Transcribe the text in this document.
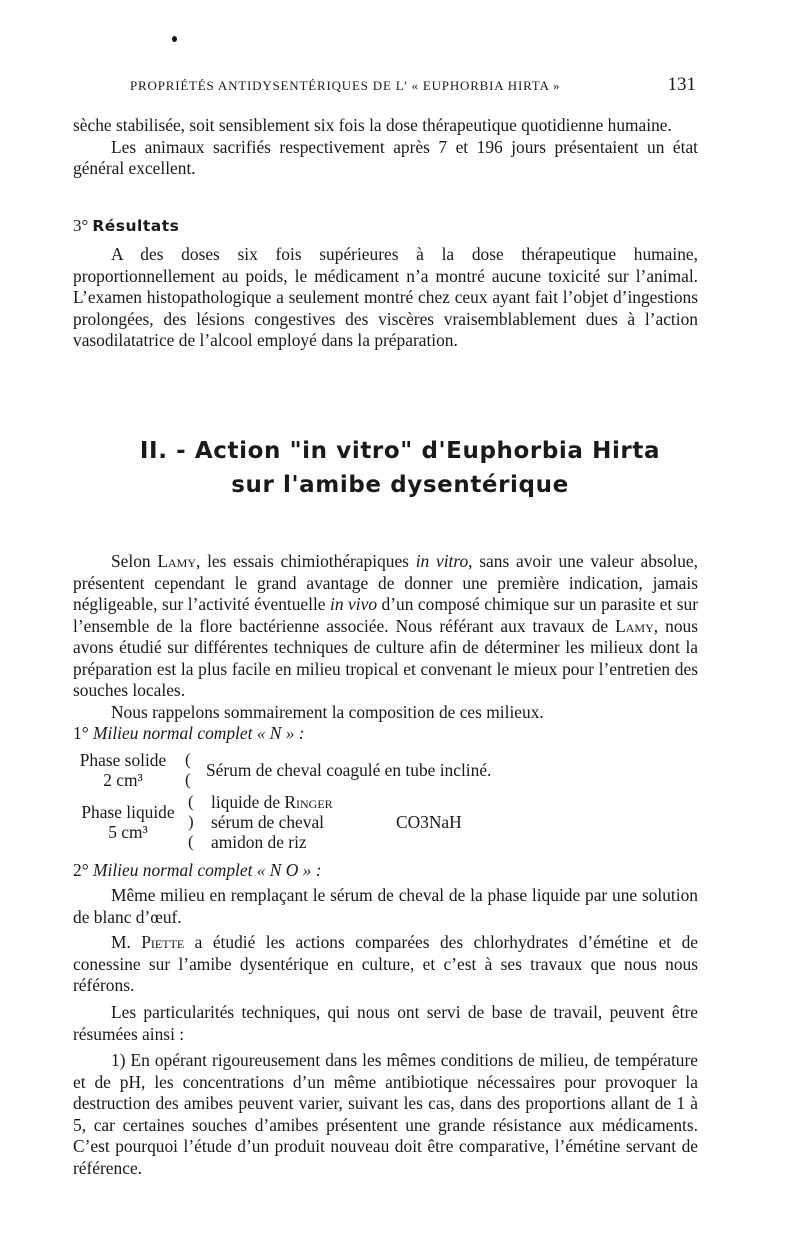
PROPRIÉTÉS ANTIDYSENTÉRIQUES DE L’ « EUPHORBIA HIRTA »	131

sèche stabilisée, soit sensiblement six fois la dose thérapeutique quotidienne humaine.

Les animaux sacrifiés respectivement après 7 et 196 jours présentaient un état général excellent.

3° Résultats

A des doses six fois supérieures à la dose thérapeutique humaine, proportionnellement au poids, le médicament n’a montré aucune toxicité sur l’animal. L’examen histopathologique a seulement montré chez ceux ayant fait l’objet d’ingestions prolongées, des lésions congestives des viscères vraisemblablement dues à l’action vasodilatatrice de l’alcool employé dans la préparation.

II. - Action "in vitro" d'Euphorbia Hirta
sur l'amibe dysentérique

Selon Lamy, les essais chimiothérapiques in vitro, sans avoir une valeur absolue, présentent cependant le grand avantage de donner une première indication, jamais négligeable, sur l’activité éventuelle in vivo d’un composé chimique sur un parasite et sur l’ensemble de la flore bactérienne associée. Nous référant aux travaux de Lamy, nous avons étudié sur différentes techniques de culture afin de déterminer les milieux dont la préparation est la plus facile en milieu tropical et convenant le mieux pour l’entretien des souches locales.

Nous rappelons sommairement la composition de ces milieux.

1° Milieu normal complet « N » :
Phase solide
2 cm³
(
( Sérum de cheval coagulé en tube incliné.
Phase liquide
5 cm³
(
)
(
liquide de Ringer
sérum de cheval
amidon de riz
CO3NaH
2° Milieu normal complet « N O » :

Même milieu en remplaçant le sérum de cheval de la phase liquide par une solution de blanc d’œuf.

M. Piette a étudié les actions comparées des chlorhydrates d’émétine et de conessine sur l’amibe dysentérique en culture, et c’est à ses travaux que nous nous référons.

Les particularités techniques, qui nous ont servi de base de travail, peuvent être résumées ainsi :

1) En opérant rigoureusement dans les mêmes conditions de milieu, de température et de pH, les concentrations d’un même antibiotique nécessaires pour provoquer la destruction des amibes peuvent varier, suivant les cas, dans des proportions allant de 1 à 5, car certaines souches d’amibes présentent une grande résistance aux médicaments. C’est pourquoi l’étude d’un produit nouveau doit être comparative, l’émétine servant de référence.
